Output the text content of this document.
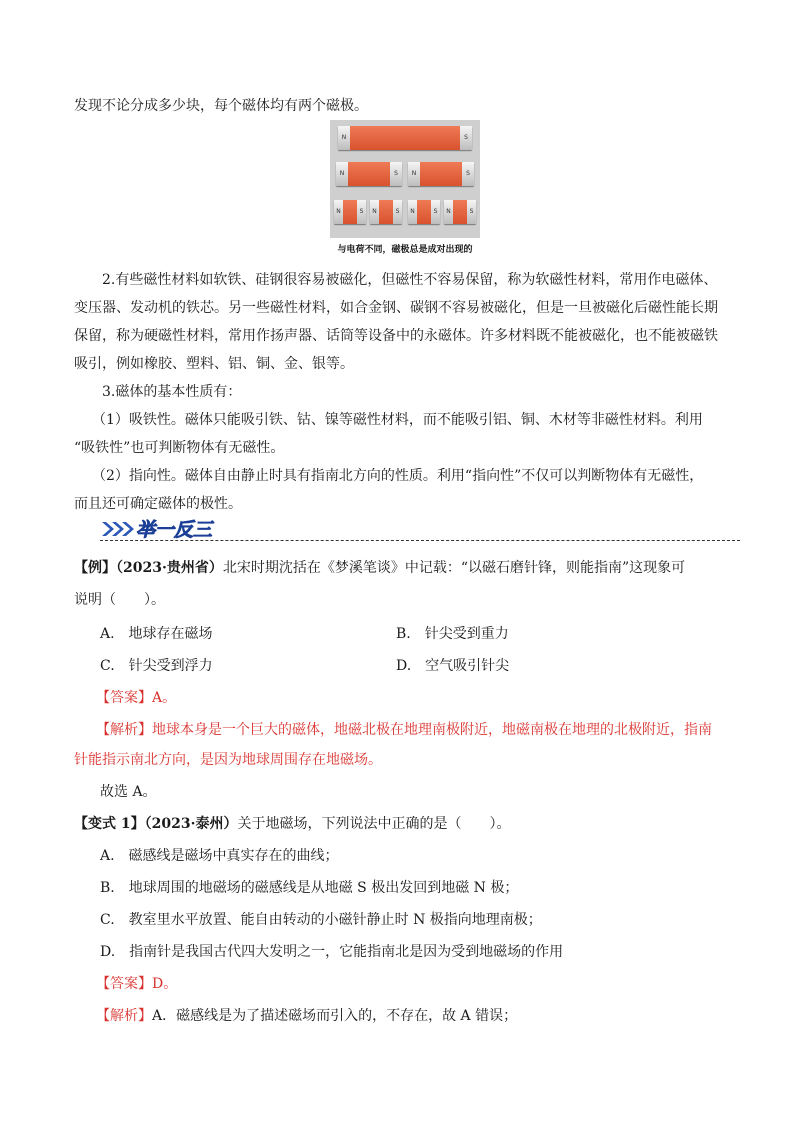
发现不论分成多少块，每个磁体均有两个磁极。
N	S
N	S	N	S
N	S	N	S	N	S	N	S
与电荷不同，磁极总是成对出现的
2.有些磁性材料如软铁、硅钢很容易被磁化，但磁性不容易保留，称为软磁性材料，常用作电磁体、
变压器、发动机的铁芯。另一些磁性材料，如合金钢、碳钢不容易被磁化，但是一旦被磁化后磁性能长期
保留，称为硬磁性材料，常用作扬声器、话筒等设备中的永磁体。许多材料既不能被磁化，也不能被磁铁
吸引，例如橡胶、塑料、铝、铜、金、银等。
3.磁体的基本性质有：
（1）吸铁性。磁体只能吸引铁、钴、镍等磁性材料，而不能吸引铝、铜、木材等非磁性材料。利用
“吸铁性”也可判断物体有无磁性。
（2）指向性。磁体自由静止时具有指南北方向的性质。利用“指向性”不仅可以判断物体有无磁性，
而且还可确定磁体的极性。
举一反三
【例】（2023·贵州省）北宋时期沈括在《梦溪笔谈》中记载：“以磁石磨针锋，则能指南”这现象可
说明（　　）。
A.　地球存在磁场	B.　针尖受到重力
C.　针尖受到浮力	D.　空气吸引针尖
【答案】A。
【解析】地球本身是一个巨大的磁体，地磁北极在地理南极附近，地磁南极在地理的北极附近，指南
针能指示南北方向，是因为地球周围存在地磁场。
故选 A。
【变式 1】（2023·泰州）关于地磁场，下列说法中正确的是（　　）。
A.　磁感线是磁场中真实存在的曲线；
B.　地球周围的地磁场的磁感线是从地磁 S 极出发回到地磁 N 极；
C.　教室里水平放置、能自由转动的小磁针静止时 N 极指向地理南极；
D.　指南针是我国古代四大发明之一，它能指南北是因为受到地磁场的作用
【答案】D。
【解析】A．磁感线是为了描述磁场而引入的，不存在，故 A 错误；
